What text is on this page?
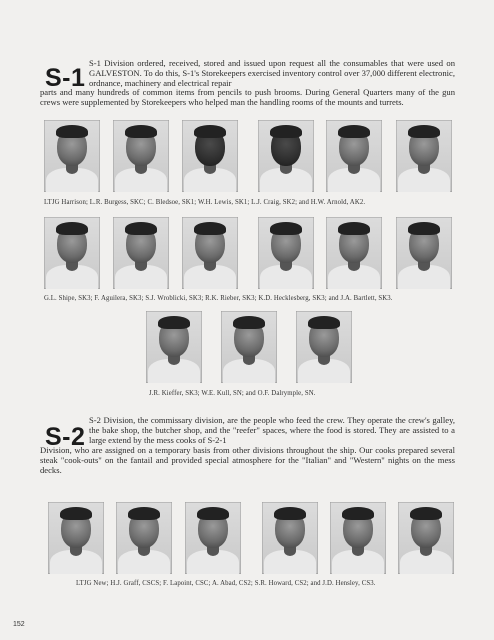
S-1
S-1 Division ordered, received, stored and issued upon request all the consumables that were used on GALVESTON. To do this, S-1's Storekeepers exercised inventory control over 37,000 different electronic, ordnance, machinery and electrical repair
parts and many hundreds of common items from pencils to push brooms. During General Quarters many of the gun crews were supplemented by Storekeepers who helped man the handling rooms of the mounts and turrets.
LTJG Harrison; L.R. Burgess, SKC; C. Bledsoe, SK1; W.H. Lewis, SK1; L.J. Craig, SK2; and H.W. Arnold, AK2.
G.L. Shipe, SK3; F. Aguilera, SK3; S.J. Wroblicki, SK3; R.K. Rieber, SK3; K.D. Hecklesberg, SK3; and J.A. Bartlett, SK3.
J.R. Kieffer, SK3; W.E. Kull, SN; and O.F. Dalrymple, SN.
S-2
S-2 Division, the commissary division, are the people who feed the crew. They operate the crew's galley, the bake shop, the butcher shop, and the "reefer" spaces, where the food is stored. They are assisted to a large extend by the mess cooks of S-2-1
Division, who are assigned on a temporary basis from other divisions throughout the ship. Our cooks prepared several steak "cook-outs" on the fantail and provided special atmosphere for the "Italian" and "Western" nights on the mess decks.
LTJG New; H.J. Graff, CSCS; F. Lapoint, CSC; A. Abad, CS2; S.R. Howard, CS2; and J.D. Hensley, CS3.
152
